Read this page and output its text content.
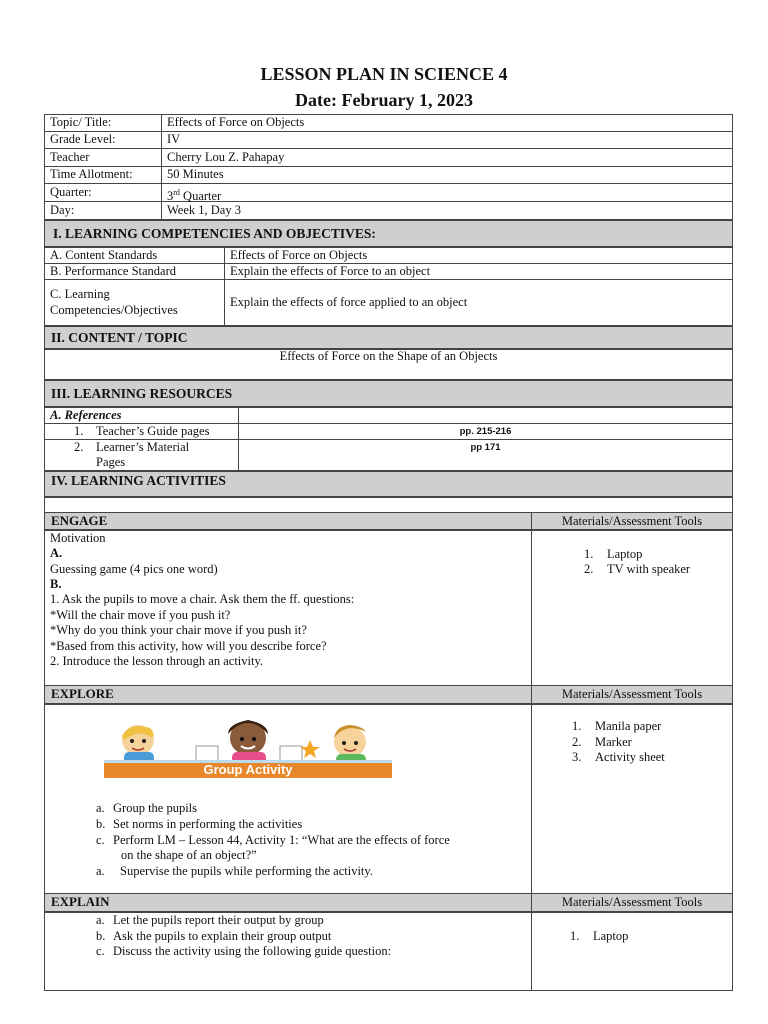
LESSON PLAN IN SCIENCE 4
Date: February 1, 2023
Topic/ Title:	Effects of Force on Objects
Grade Level:	IV
Teacher	Cherry Lou Z. Pahapay
Time Allotment:	50 Minutes
Quarter:	3rd Quarter
Day:	Week 1, Day 3
I. LEARNING COMPETENCIES AND OBJECTIVES:
A. Content Standards	Effects of Force on Objects
B. Performance Standard	Explain the effects of Force to an object
C. Learning
Competencies/Objectives
Explain the effects of force applied to an object
II. CONTENT / TOPIC
Effects of Force on the Shape of an Objects
III. LEARNING RESOURCES
A. References
1. Teacher’s Guide pages	pp. 215-216
2. Learner’s Material
Pages
pp 171
IV. LEARNING ACTIVITIES
ENGAGE	Materials/Assessment Tools
Motivation
A.
Guessing game (4 pics one word)
B.
1. Ask the pupils to move a chair. Ask them the ff. questions:
*Will the chair move if you push it?
*Why do you think your chair move if you push it?
*Based from this activity, how will you describe force?
2. Introduce the lesson through an activity.
1. Laptop
2. TV with speaker
EXPLORE	Materials/Assessment Tools
Group Activity
a. Group the pupils
b. Set norms in performing the activities
c. Perform LM – Lesson 44, Activity 1: “What are the effects of force
on the shape of an object?”
a. Supervise the pupils while performing the activity.
1. Manila paper
2. Marker
3. Activity sheet
EXPLAIN	Materials/Assessment Tools
a. Let the pupils report their output by group
b. Ask the pupils to explain their group output
c. Discuss the activity using the following guide question:
1. Laptop
